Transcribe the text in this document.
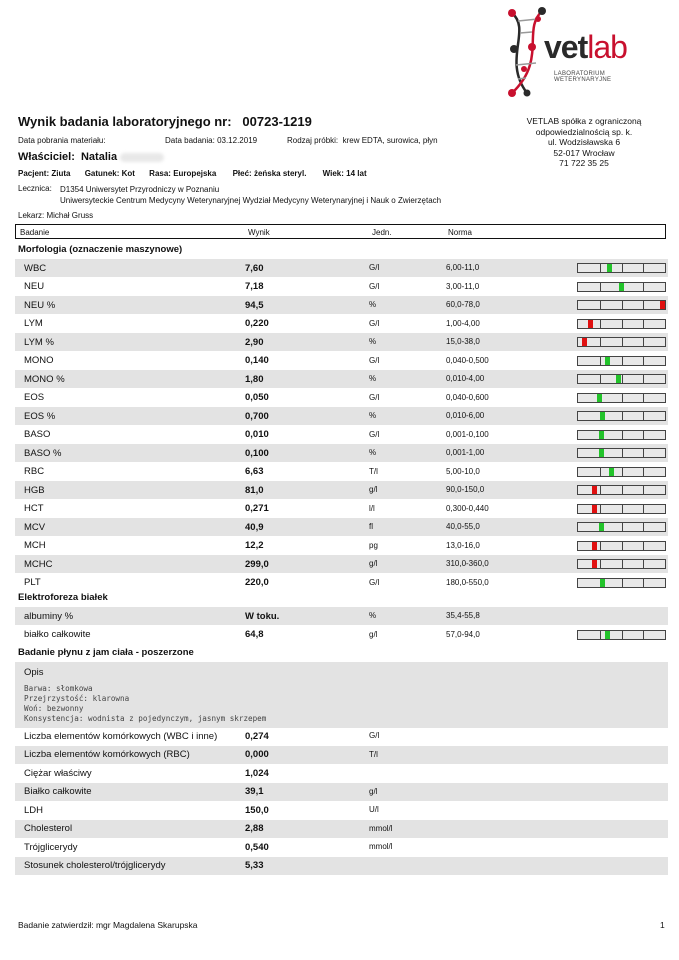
vetlab
LABORATORIUM WETERYNARYJNE
Wynik badania laboratoryjnego nr: 00723-1219	VETLAB spółka z ograniczoną
odpowiedzialnością sp. k.
ul. Wodzisławska 6
52-017 Wrocław
71 722 35 25
Data pobrania materiału:	Data badania: 03.12.2019	Rodzaj próbki: krew EDTA, surowica, płyn
Właściciel: Natalia
Pacjent: Ziuta Gatunek: Kot Rasa: Europejska Płeć: żeńska steryl. Wiek: 14 lat
Lecznica: D1354 Uniwersytet Przyrodniczy w Poznaniu
Uniwersyteckie Centrum Medycyny Weterynaryjnej Wydział Medycyny Weterynaryjnej i Nauk o Zwierzętach
Lekarz: Michał Gruss
Badanie	Wynik	Jedn.	Norma
Morfologia (oznaczenie maszynowe)
WBC	7,60	G/l	6,00-11,0
NEU	7,18	G/l	3,00-11,0
NEU %	94,5	%	60,0-78,0
LYM	0,220	G/l	1,00-4,00
LYM %	2,90	%	15,0-38,0
MONO	0,140	G/l	0,040-0,500
MONO %	1,80	%	0,010-4,00
EOS	0,050	G/l	0,040-0,600
EOS %	0,700	%	0,010-6,00
BASO	0,010	G/l	0,001-0,100
BASO %	0,100	%	0,001-1,00
RBC	6,63	T/l	5,00-10,0
HGB	81,0	g/l	90,0-150,0
HCT	0,271	l/l	0,300-0,440
MCV	40,9	fl	40,0-55,0
MCH	12,2	pg	13,0-16,0
MCHC	299,0	g/l	310,0-360,0
PLT	220,0	G/l	180,0-550,0
Elektroforeza białek
albuminy %	W toku.	%	35,4-55,8
białko całkowite	64,8	g/l	57,0-94,0
Badanie płynu z jam ciała - poszerzone
Opis
Barwa: słomkowa
Przejrzystość: klarowna
Woń: bezwonny
Konsystencja: wodnista z pojedynczym, jasnym skrzepem
Liczba elementów komórkowych (WBC i inne)	0,274	G/l
Liczba elementów komórkowych (RBC)	0,000	T/l
Ciężar właściwy	1,024
Białko całkowite	39,1	g/l
LDH	150,0	U/l
Cholesterol	2,88	mmol/l
Trójglicerydy	0,540	mmol/l
Stosunek cholesterol/trójglicerydy	5,33
Badanie zatwierdził: mgr Magdalena Skarupska	1
